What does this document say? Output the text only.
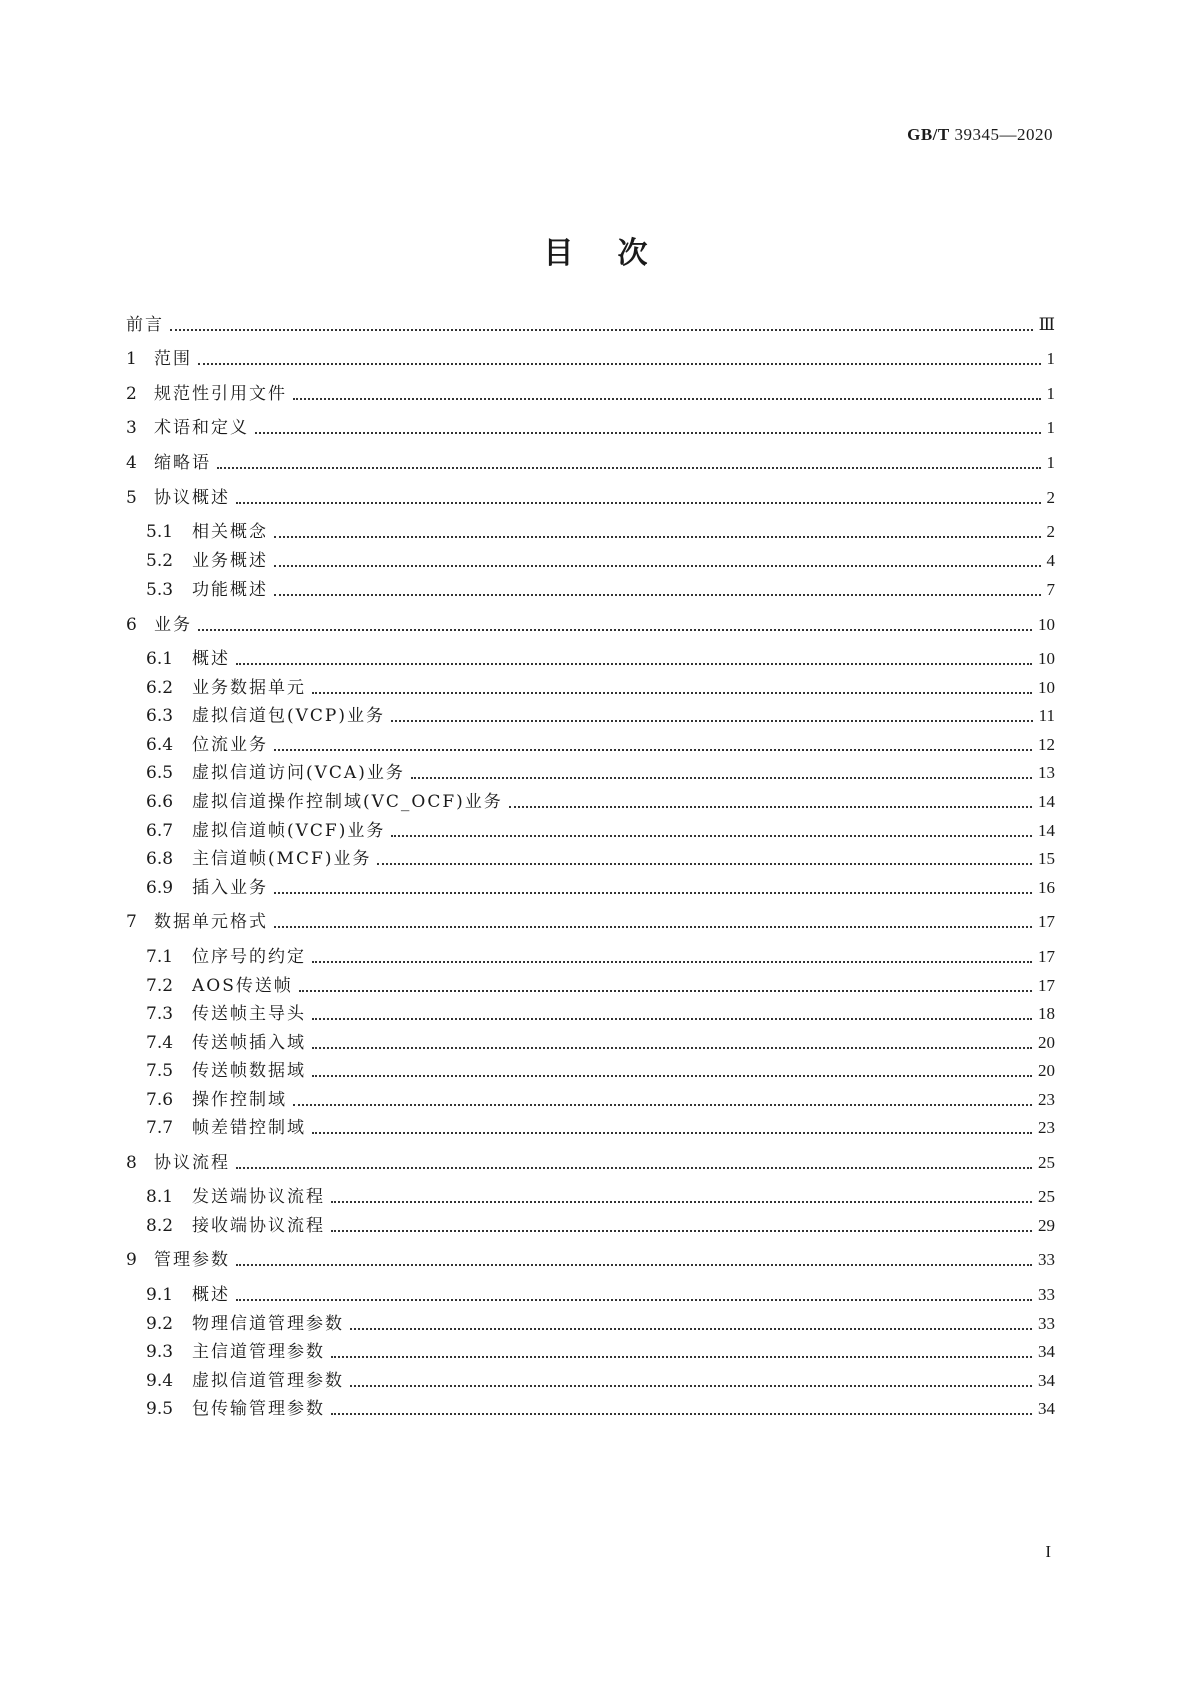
GB/T 39345—2020
目次
前言	Ⅲ
1	范围	1
2	规范性引用文件	1
3	术语和定义	1
4	缩略语	1
5	协议概述	2
5.1	相关概念	2
5.2	业务概述	4
5.3	功能概述	7
6	业务	10
6.1	概述	10
6.2	业务数据单元	10
6.3	虚拟信道包(VCP)业务	11
6.4	位流业务	12
6.5	虚拟信道访问(VCA)业务	13
6.6	虚拟信道操作控制域(VC_OCF)业务	14
6.7	虚拟信道帧(VCF)业务	14
6.8	主信道帧(MCF)业务	15
6.9	插入业务	16
7	数据单元格式	17
7.1	位序号的约定	17
7.2	AOS传送帧	17
7.3	传送帧主导头	18
7.4	传送帧插入域	20
7.5	传送帧数据域	20
7.6	操作控制域	23
7.7	帧差错控制域	23
8	协议流程	25
8.1	发送端协议流程	25
8.2	接收端协议流程	29
9	管理参数	33
9.1	概述	33
9.2	物理信道管理参数	33
9.3	主信道管理参数	34
9.4	虚拟信道管理参数	34
9.5	包传输管理参数	34
I
